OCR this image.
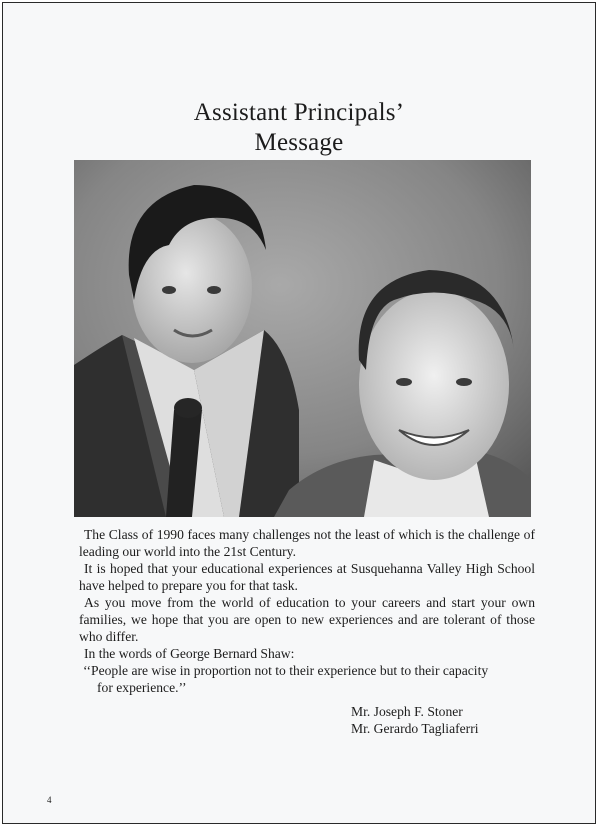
Assistant Principals’
Message

The Class of 1990 faces many challenges not the least of which is the challenge of leading our world into the 21st Century.

It is hoped that your educational experiences at Susquehanna Valley High School have helped to prepare you for that task.

As you move from the world of education to your careers and start your own families, we hope that you are open to new experiences and are tolerant of those who differ.

In the words of George Bernard Shaw:

‘‘People are wise in proportion not to their experience but to their capacity
for experience.’’
Mr. Joseph F. Stoner
Mr. Gerardo Tagliaferri
4
